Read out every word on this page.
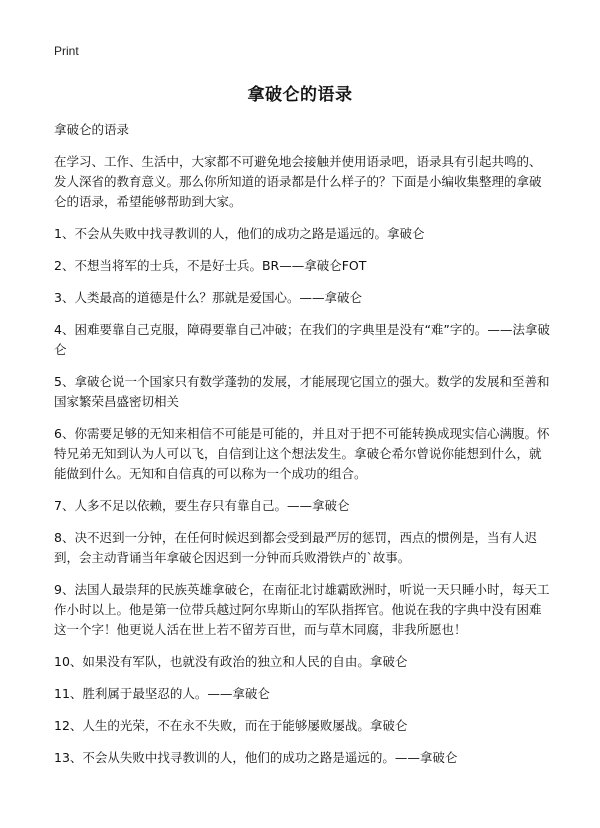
Print
拿破仑的语录

拿破仑的语录

在学习、工作、生活中，大家都不可避免地会接触并使用语录吧，语录具有引起共鸣的、发人深省的教育意义。那么你所知道的语录都是什么样子的？下面是小编收集整理的拿破仑的语录，希望能够帮助到大家。

1、不会从失败中找寻教训的人，他们的成功之路是遥远的。拿破仑
2、不想当将军的士兵，不是好士兵。BR——拿破仑FOT
3、人类最高的道德是什么？那就是爱国心。——拿破仑
4、困难要靠自己克服，障碍要靠自己冲破；在我们的字典里是没有“难”字的。——法拿破仑
5、拿破仑说一个国家只有数学蓬勃的发展，才能展现它国立的强大。数学的发展和至善和国家繁荣昌盛密切相关
6、你需要足够的无知来相信不可能是可能的，并且对于把不可能转换成现实信心满腹。怀特兄弟无知到认为人可以飞，自信到让这个想法发生。拿破仑希尔曾说你能想到什么，就能做到什么。无知和自信真的可以称为一个成功的组合。
7、人多不足以依赖，要生存只有靠自己。——拿破仑
8、决不迟到一分钟，在任何时候迟到都会受到最严厉的惩罚，西点的惯例是，当有人迟到，会主动背诵当年拿破仑因迟到一分钟而兵败滑铁卢的`故事。
9、法国人最崇拜的民族英雄拿破仑，在南征北讨雄霸欧洲时，听说一天只睡小时，每天工作小时以上。他是第一位带兵越过阿尔卑斯山的军队指挥官。他说在我的字典中没有困难这一个字！他更说人活在世上若不留芳百世，而与草木同腐，非我所愿也！
10、如果没有军队，也就没有政治的独立和人民的自由。拿破仑
11、胜利属于最坚忍的人。——拿破仑
12、人生的光荣，不在永不失败，而在于能够屡败屡战。拿破仑
13、不会从失败中找寻教训的人，他们的成功之路是遥远的。——拿破仑
